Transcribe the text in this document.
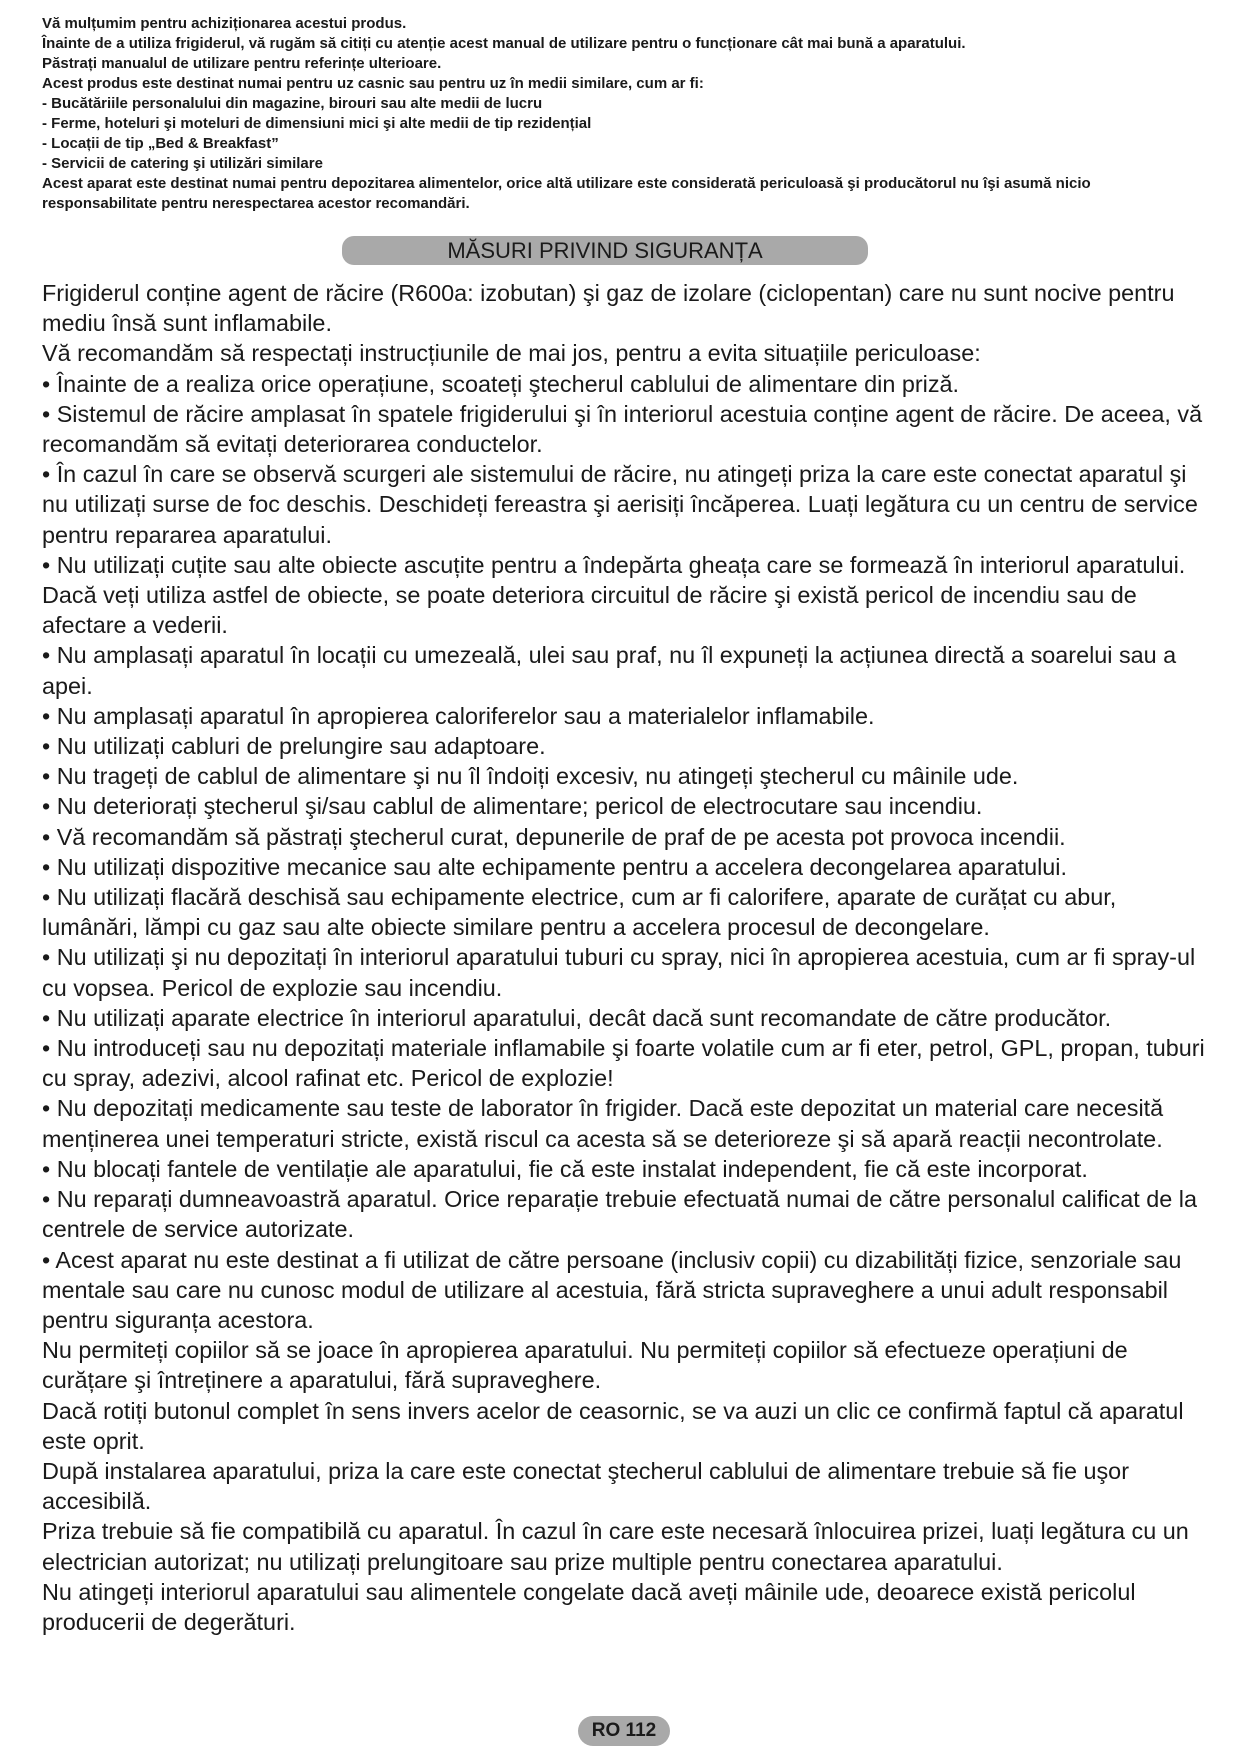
Vă mulțumim pentru achiziționarea acestui produs.

Înainte de a utiliza frigiderul, vă rugăm să citiți cu atenție acest manual de utilizare pentru o funcționare cât mai bună a aparatului.

Păstrați manualul de utilizare pentru referințe ulterioare.

Acest produs este destinat numai pentru uz casnic sau pentru uz în medii similare, cum ar fi:

- Bucătăriile personalului din magazine, birouri sau alte medii de lucru

- Ferme, hoteluri şi moteluri de dimensiuni mici şi alte medii de tip rezidențial

- Locații de tip „Bed & Breakfast”

- Servicii de catering şi utilizări similare

Acest aparat este destinat numai pentru depozitarea alimentelor, orice altă utilizare este considerată periculoasă şi producătorul nu îşi asumă nicio responsabilitate pentru nerespectarea acestor recomandări.

MĂSURI PRIVIND SIGURANȚA

Frigiderul conține agent de răcire (R600a: izobutan) şi gaz de izolare (ciclopentan) care nu sunt nocive pentru mediu însă sunt inflamabile.

Vă recomandăm să respectați instrucțiunile de mai jos, pentru a evita situațiile periculoase:

• Înainte de a realiza orice operațiune, scoateți ştecherul cablului de alimentare din priză.

• Sistemul de răcire amplasat în spatele frigiderului şi în interiorul acestuia conține agent de răcire. De aceea, vă recomandăm să evitați deteriorarea conductelor.

• În cazul în care se observă scurgeri ale sistemului de răcire, nu atingeți priza la care este conectat aparatul şi nu utilizați surse de foc deschis. Deschideți fereastra şi aerisiți încăperea. Luați legătura cu un centru de service pentru repararea aparatului.

• Nu utilizați cuțite sau alte obiecte ascuțite pentru a îndepărta gheața care se formează în interiorul aparatului. Dacă veți utiliza astfel de obiecte, se poate deteriora circuitul de răcire şi există pericol de incendiu sau de afectare a vederii.

• Nu amplasați aparatul în locații cu umezeală, ulei sau praf, nu îl expuneți la acțiunea directă a soarelui sau a apei.

• Nu amplasați aparatul în apropierea caloriferelor sau a materialelor inflamabile.

• Nu utilizați cabluri de prelungire sau adaptoare.

• Nu trageți de cablul de alimentare şi nu îl îndoiți excesiv, nu atingeți ştecherul cu mâinile ude.

• Nu deteriorați ştecherul şi/sau cablul de alimentare; pericol de electrocutare sau incendiu.

• Vă recomandăm să păstrați ştecherul curat, depunerile de praf de pe acesta pot provoca incendii.

• Nu utilizați dispozitive mecanice sau alte echipamente pentru a accelera decongelarea aparatului.

• Nu utilizați flacără deschisă sau echipamente electrice, cum ar fi calorifere, aparate de curățat cu abur, lumânări, lămpi cu gaz sau alte obiecte similare pentru a accelera procesul de decongelare.

• Nu utilizați şi nu depozitați în interiorul aparatului tuburi cu spray, nici în apropierea acestuia, cum ar fi spray-ul cu vopsea. Pericol de explozie sau incendiu.

• Nu utilizați aparate electrice în interiorul aparatului, decât dacă sunt recomandate de către producător.

• Nu introduceți sau nu depozitați materiale inflamabile şi foarte volatile cum ar fi eter, petrol, GPL, propan, tuburi cu spray, adezivi, alcool rafinat etc. Pericol de explozie!

• Nu depozitați medicamente sau teste de laborator în frigider. Dacă este depozitat un material care necesită menținerea unei temperaturi stricte, există riscul ca acesta să se deterioreze şi să apară reacții necontrolate.

• Nu blocați fantele de ventilație ale aparatului, fie că este instalat independent, fie că este incorporat.

• Nu reparați dumneavoastră aparatul. Orice reparație trebuie efectuată numai de către personalul calificat de la centrele de service autorizate.

• Acest aparat nu este destinat a fi utilizat de către persoane (inclusiv copii) cu dizabilități fizice, senzoriale sau mentale sau care nu cunosc modul de utilizare al acestuia, fără stricta supraveghere a unui adult responsabil pentru siguranța acestora.

Nu permiteți copiilor să se joace în apropierea aparatului. Nu permiteți copiilor să efectueze operațiuni de curățare şi întreținere a aparatului, fără supraveghere.

Dacă rotiți butonul complet în sens invers acelor de ceasornic, se va auzi un clic ce confirmă faptul că aparatul este oprit.

După instalarea aparatului, priza la care este conectat ştecherul cablului de alimentare trebuie să fie uşor accesibilă.

Priza trebuie să fie compatibilă cu aparatul. În cazul în care este necesară înlocuirea prizei, luați legătura cu un electrician autorizat; nu utilizați prelungitoare sau prize multiple pentru conectarea aparatului.

Nu atingeți interiorul aparatului sau alimentele congelate dacă aveți mâinile ude, deoarece există pericolul producerii de degerături.

RO 112
